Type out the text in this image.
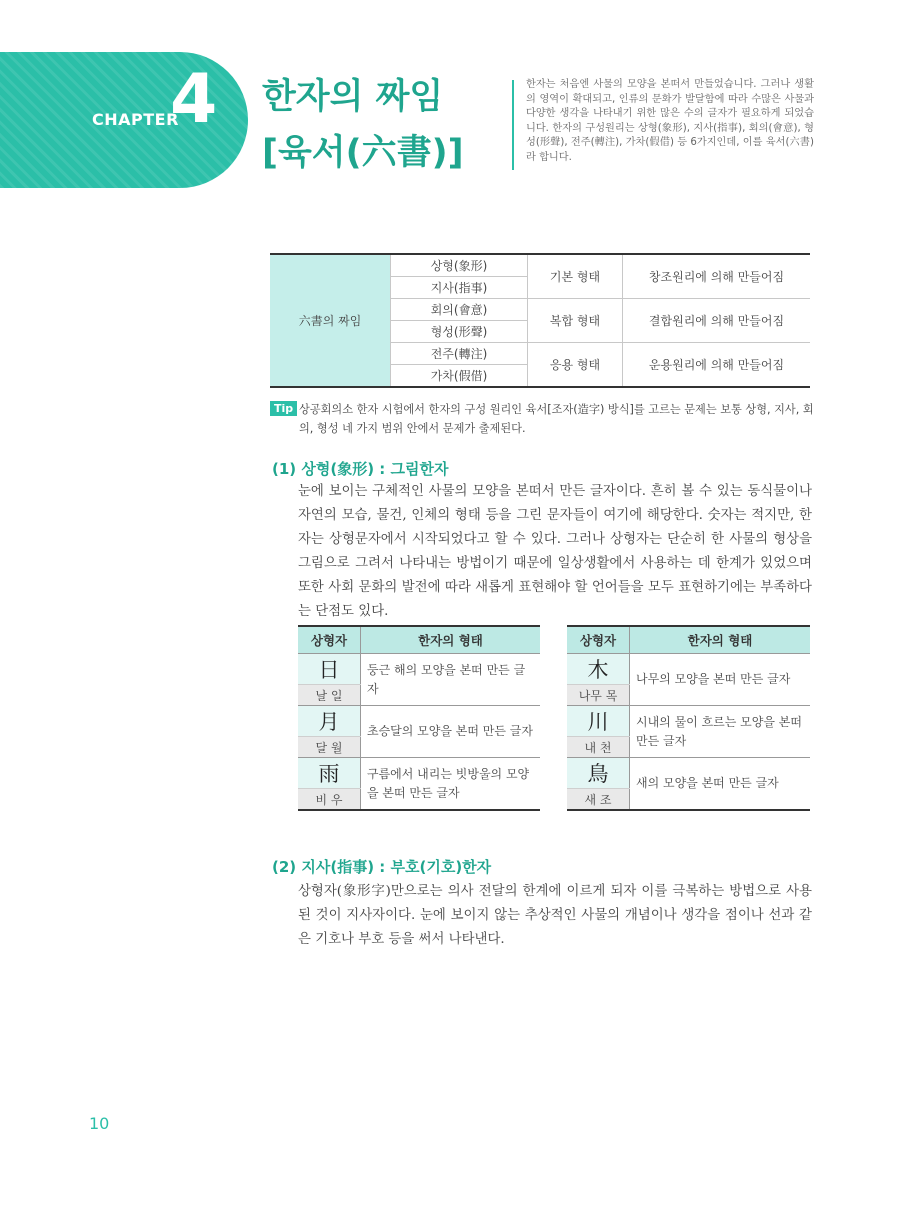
CHAPTER
4 한자의 짜임
[육서(六書)]

한자는 처음엔 사물의 모양을 본떠서 만들었습니다. 그러나 생활의 영역이 확대되고, 인류의 문화가 발달함에 따라 수많은 사물과 다양한 생각을 나타내기 위한 많은 수의 글자가 필요하게 되었습니다. 한자의 구성원리는 상형(象形), 지사(指事), 회의(會意), 형성(形聲), 전주(轉注), 가차(假借) 등 6가지인데, 이를 육서(六書)라 합니다.

六書의 짜임	상형(象形)	기본 형태	창조원리에 의해 만들어짐
	지사(指事)		
	회의(會意)	복합 형태	결합원리에 의해 만들어짐
	형성(形聲)		
	전주(轉注)	응용 형태	운용원리에 의해 만들어짐
	가차(假借)		
Tip 상공회의소 한자 시험에서 한자의 구성 원리인 육서[조자(造字) 방식]를 고르는 문제는 보통 상형, 지사, 회의, 형성 네 가지 범위 안에서 문제가 출제된다.

(1) 상형(象形) : 그림한자

눈에 보이는 구체적인 사물의 모양을 본떠서 만든 글자이다. 흔히 볼 수 있는 동식물이나 자연의 모습, 물건, 인체의 형태 등을 그린 문자들이 여기에 해당한다. 숫자는 적지만, 한자는 상형문자에서 시작되었다고 할 수 있다. 그러나 상형자는 단순히 한 사물의 형상을 그림으로 그려서 나타내는 방법이기 때문에 일상생활에서 사용하는 데 한계가 있었으며 또한 사회 문화의 발전에 따라 새롭게 표현해야 할 언어들을 모두 표현하기에는 부족하다는 단점도 있다.

상형자	한자의 형태
日	둥근 해의 모양을 본떠 만든 글자
날 일	
月	초승달의 모양을 본떠 만든 글자
달 월	
雨	구름에서 내리는 빗방울의 모양을 본떠 만든 글자
비 우	
상형자	한자의 형태
木	나무의 모양을 본떠 만든 글자
나무 목	
川	시내의 물이 흐르는 모양을 본떠 만든 글자
내 천	
鳥	새의 모양을 본떠 만든 글자
새 조	
(2) 지사(指事) : 부호(기호)한자

상형자(象形字)만으로는 의사 전달의 한계에 이르게 되자 이를 극복하는 방법으로 사용된 것이 지사자이다. 눈에 보이지 않는 추상적인 사물의 개념이나 생각을 점이나 선과 같은 기호나 부호 등을 써서 나타낸다.

10
